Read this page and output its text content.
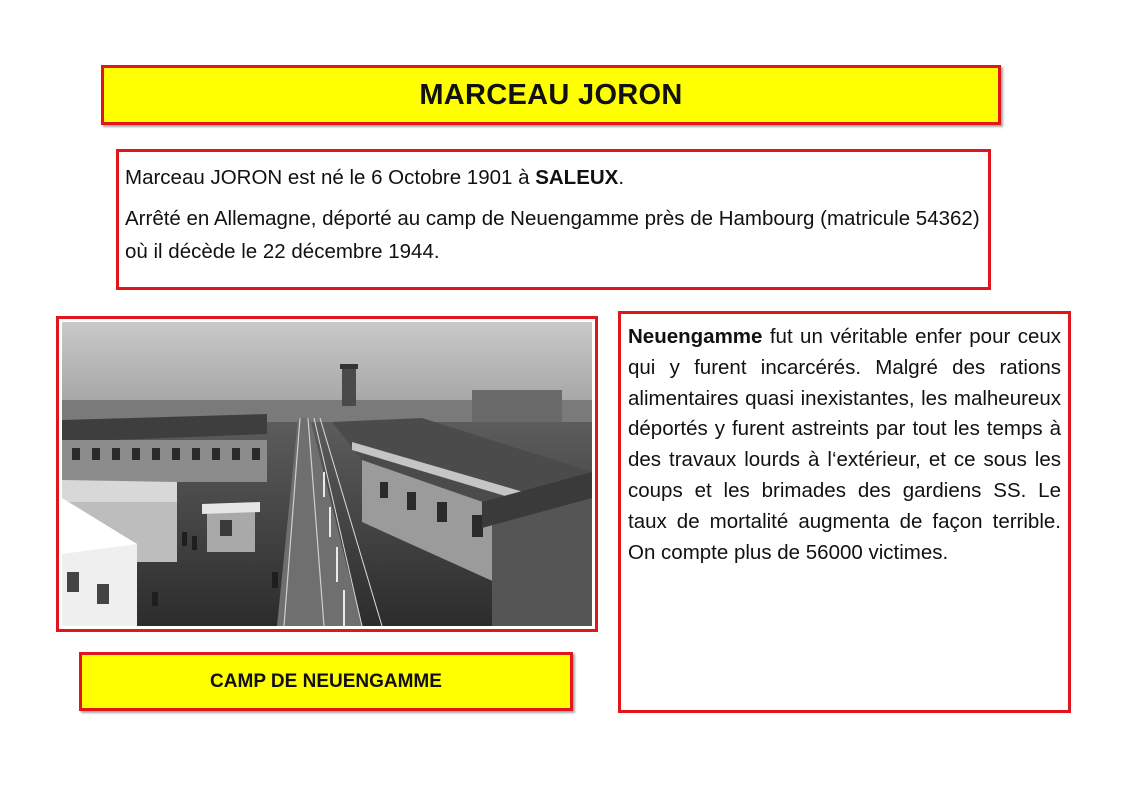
MARCEAU JORON

Marceau JORON est né le 6 Octobre 1901 à SALEUX.

Arrêté en Allemagne, déporté au camp de Neuengamme près de Hambourg (matricule 54362) où il décède le 22 décembre 1944.

CAMP DE NEUENGAMME

Neuengamme fut un véritable enfer pour ceux qui y furent incarcérés. Malgré des rations alimentaires quasi inexistantes, les malheureux déportés y furent astreints par tout les temps à des travaux lourds à l‘extérieur, et ce sous les coups et les brimades des gardiens SS. Le taux de mortalité augmenta de façon terrible. On compte plus de 56000 victimes.
